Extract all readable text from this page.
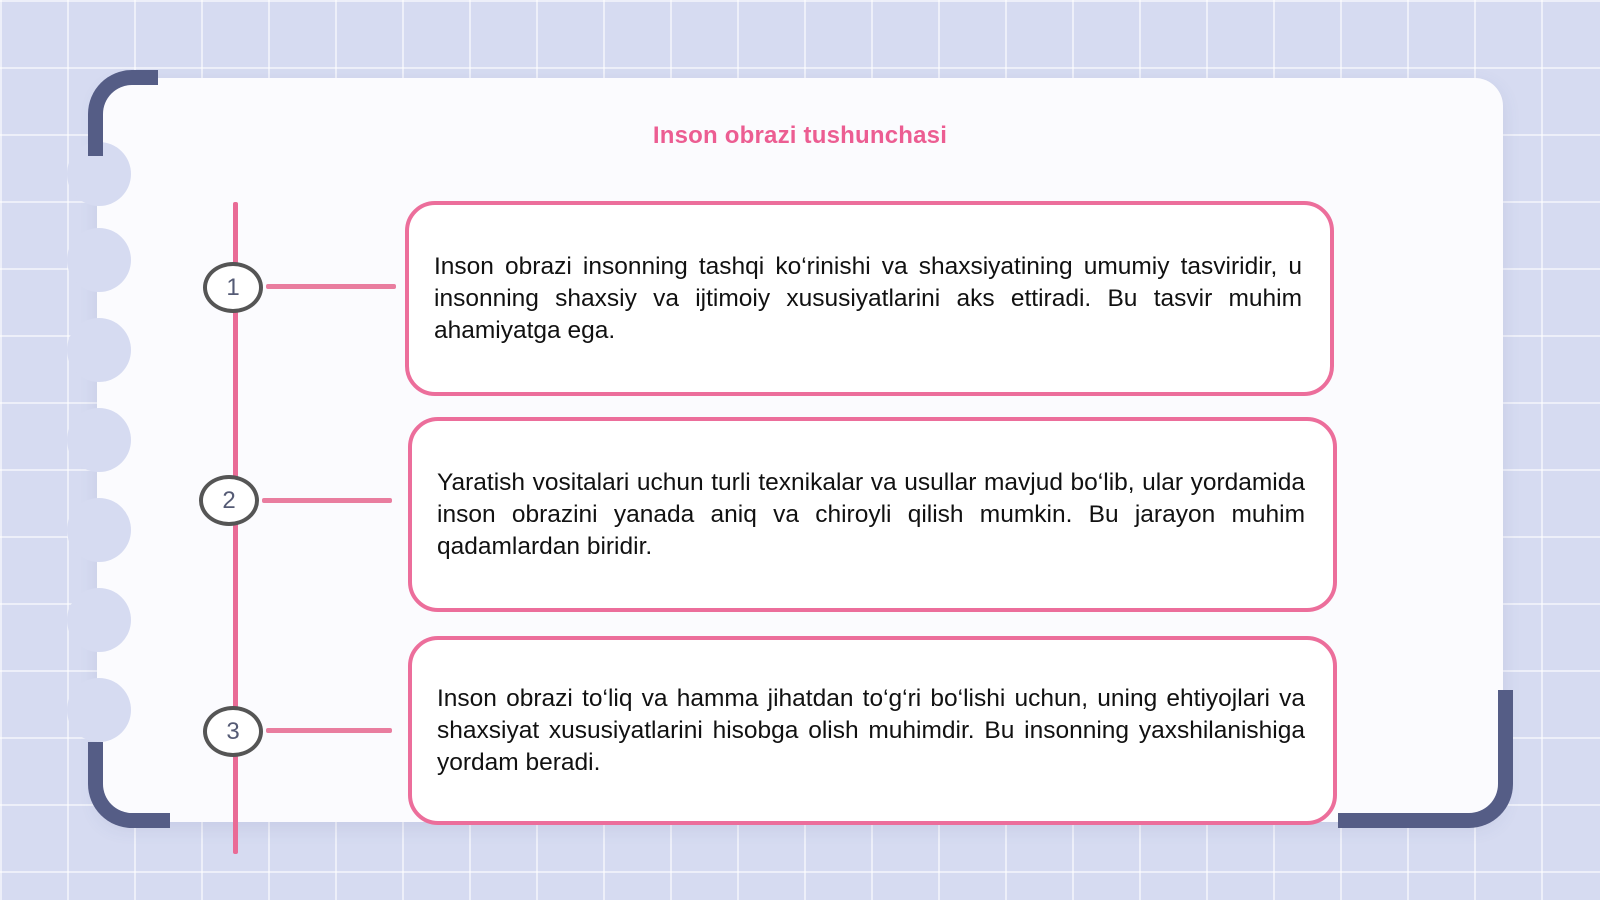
Inson obrazi tushunchasi
1

Inson obrazi insonning tashqi ko‘rinishi va shaxsiyatining umumiy tasviridir, u insonning shaxsiy va ijtimoiy xususiyatlarini aks ettiradi. Bu tasvir muhim ahamiyatga ega.

2

Yaratish vositalari uchun turli texnikalar va usullar mavjud bo‘lib, ular yordamida inson obrazini yanada aniq va chiroyli qilish mumkin. Bu jarayon muhim qadamlardan biridir.

3

Inson obrazi to‘liq va hamma jihatdan to‘g‘ri bo‘lishi uchun, uning ehtiyojlari va shaxsiyat xususiyatlarini hisobga olish muhimdir. Bu insonning yaxshilanishiga yordam beradi.
